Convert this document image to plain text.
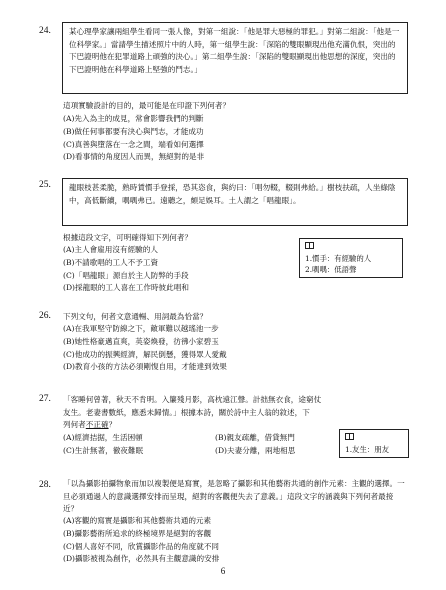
24.	某心理學家讓兩組學生看同一張人像，對第一組說：「他是罪大惡極的罪犯。」對第二組說：「他是一位科學家。」當請學生描述照片中的人時，第一組學生說：「深陷的雙眼顯現出他充滿仇恨，突出的下巴證明他在犯罪道路上頑強的決心。」第二組學生說：「深陷的雙眼顯現出他思想的深度，突出的下巴證明他在科學道路上堅強的鬥志。」
這項實驗設計的目的，最可能是在印證下列何者？
(A)先入為主的成見，常會影響我們的判斷
(B)做任何事都要有決心與鬥志，才能成功
(C)真善與墮落在一念之間，端看如何選擇
(D)看事情的角度因人而異，無絕對的是非
25.	龍眼枝甚柔脆，熟時賃慣手登採，恐其恣食，與約曰：「唱勿輟，輟則弗給。」樹枝扶疏，人坐綠陰中，高低斷續，喁喁弗已。遠聽之，頗足娛耳。土人謂之「唱龍眼」。
根據這段文字，可明確得知下列何者？
(A)主人會雇用沒有經驗的人
(B)不請歌唱的工人不予工資
(C)「唱龍眼」源自於主人防弊的手段
(D)採龍眼的工人喜在工作時彼此唱和
1.慣手：有經驗的人
2.喁喁：低語聲
26. 下列文句，何者文意通暢、用詞最為恰當？
(A)在我軍堅守防線之下，敵軍難以越瑤池一步
(B)她性格豪邁直爽，英姿煥發，彷彿小家碧玉
(C)他成功的振興經濟，解民倒懸，獲得眾人愛戴
(D)教育小孩的方法必須剛愎自用，才能達到效果
27. 「客睡何曾著，秋天不肯明。入簾殘月影，高枕遠江聲。計拙無衣食，途窮仗
友生。老妻書數紙，應悉未歸情。」根據本詩，關於詩中主人翁的敘述，下
列何者不正確？
(A)經濟拮据，生活困頓	(B)親友疏離，借貸無門
(C)生計無著，徹夜難眠	(D)夫妻分離，兩地相思	1.友生：朋友
28. 「以為攝影拍攝物象而加以複製便是寫實，是忽略了攝影和其他藝術共通的創作元素：主觀的選擇。一旦必須通過人的意識選擇安排而呈現，絕對的客觀便失去了意義。」這段文字的涵義與下列何者最接近？
(A)客觀的寫實是攝影和其他藝術共通的元素
(B)攝影藝術所追求的終極境界是絕對的客觀
(C)個人喜好不同，欣賞攝影作品的角度就不同
(D)攝影被視為創作，必然具有主觀意識的安排
6
